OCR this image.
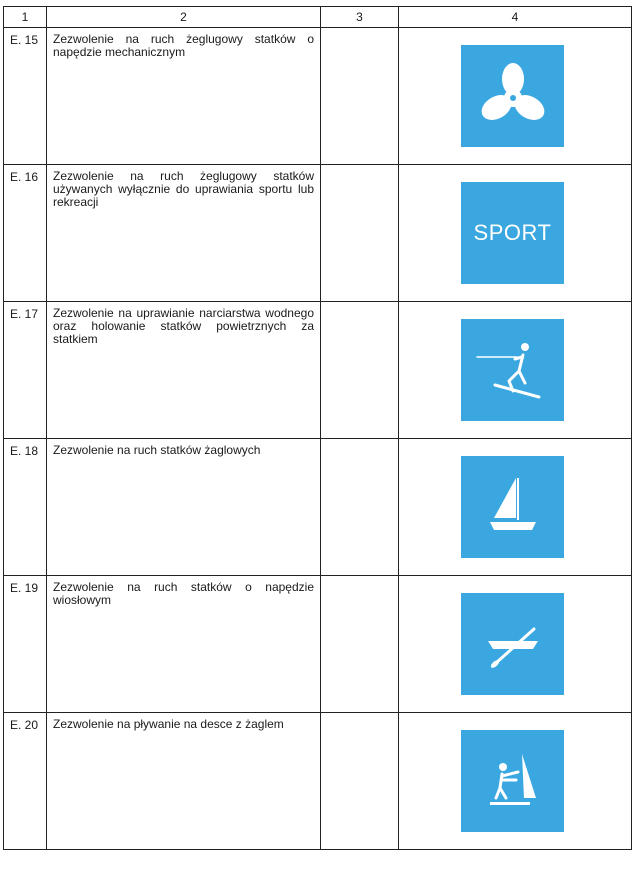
1	2	3	4

E. 15	Zezwolenie na ruch żeglugowy statków o napędzie mechanicznym

E. 16	Zezwolenie na ruch żeglugowy statków używanych wyłącznie do uprawiania sportu lub rekreacji		SPORT

E. 17	Zezwolenie na uprawianie narciarstwa wodnego oraz holowanie statków powietrznych za statkiem

E. 18	Zezwolenie na ruch statków żaglowych

E. 19	Zezwolenie na ruch statków o napędzie wiosłowym

E. 20	Zezwolenie na pływanie na desce z żaglem
